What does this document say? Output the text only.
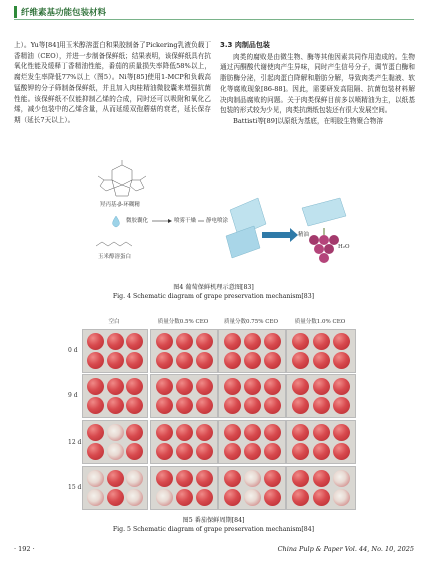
纤维素基功能包装材料

上）。Yu等[84]用玉米醇溶蛋白和果胶制备了Pickering乳液负载丁香精油（CEO），并进一步制备保鲜纸；结果表明，该保鲜纸具有抗氧化性能及缓释丁香精油性能，番茄的质量损失率降低58%以上，腐烂发生率降低77%以上（图5）。Ni等[85]使用1-MCP和负载高锰酸钾的分子筛制备保鲜纸，并且加入肉桂精油微胶囊来增强抗菌性能。该保鲜纸不仅能抑制乙烯的合成，同时还可以吸附和氧化乙烯，减少包装中的乙烯含量，从而延缓双孢蘑菇的衰老，延长保存期（延长7天以上）。

3.3 肉制品包装

肉类的腐败是由微生物、酶等其他因素共同作用造成的。生物通过丙酮酸代谢使肉产生异味，同时产生信号分子，调节蛋白酶和脂肪酶分泌，引起肉蛋白降解和脂肪分解，导致肉类产生黏液、软化等腐败现象[86-88]。因此，需要研发高阻隔、抗菌包装材料解决肉制品腐败的问题。关于肉类保鲜目前多以喷精油为主，以纸基包装的形式较为少见，肉类抗菌纸包装还有很大发展空间。

Battisti等[89]以原纸为基底，在明胶生物聚合物溶

羟丙基-β-环糊精
微胶囊化	喷雾干燥 静电喷涂
玉米醇溶蛋白
精油
H₂O
图4 葡萄保鲜机理示意图[83]
Fig. 4 Schematic diagram of grape preservation mechanism[83]
空白	质量分数0.5% CEO	质量分数0.75% CEO	质量分数1.0% CEO
0 d
9 d
12 d
15 d
图5 番茄保鲜周期[84]
Fig. 5 Schematic diagram of grape preservation mechanism[84]
· 192 ·	China Pulp & Paper Vol. 44, No. 10, 2025
